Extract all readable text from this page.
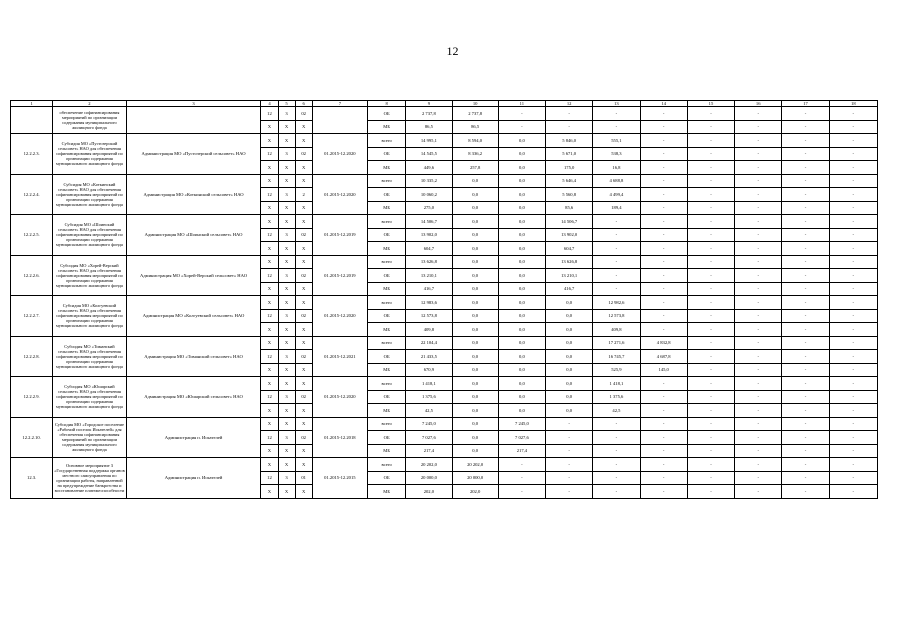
12
1	2	3	4	5	6	7	8	9	10	11	12	13	14	15	16	17	18
	обеспечение софинансирования мероприятий по организации содержания муниципального жилищного фонда		12	3	02		ОБ	2 737,8	2 737,8	-	-	-	-	-	-	-	-
			X	X	X		МБ	86,5	86,5	-	-	-	-	-	-	-	-
12.2.2.3.	Субсидия МО «Пустозерский сельсовет» НАО для обеспечения софинансирования мероприятий по организации содержания муниципального жилищного фонда	Администрация МО «Пустозерский сельсовет» НАО	X	X	X	01.2015-12.2020	всего	14 995,1	8 594,0	0,0	5 846,0	555,1	-	-	-	-	-
			12	3	02		ОБ	14 545,5	8 336,2	0,0	5 671,0	538,3	-	-	-	-	-
			X	X	X		МБ	449,6	257,8	0,0	175,0	16,8	-	-	-	-	-
12.2.2.4.	Субсидия МО «Коткинский сельсовет» НАО для обеспечения софинансирования мероприятий по организации содержания муниципального жилищного фонда	Администрация МО «Коткинский сельсовет» НАО	X	X	X	01.2015-12.2020	всего	10 335,2	0,0	0,0	5 646,4	4 688,8	-	-	-	-	-
			12	3	2		ОБ	10 060,2	0,0	0,0	5 560,8	4 499,4	-	-	-	-	-
			X	X	X		МБ	275,0	0,0	0,0	85,6	189,4	-	-	-	-	-
12.2.2.5.	Субсидия МО «Шоинский сельсовет» НАО для обеспечения софинансирования мероприятий по организации содержания муниципального жилищного фонда	Администрация МО «Шоинский сельсовет» НАО	X	X	X	01.2015-12.2019	всего	14 506,7	0,0	0,0	14 506,7	-	-	-	-	-	-
			12	3	02		ОБ	13 902,0	0,0	0,0	13 902,0	-	-	-	-	-	-
			X	X	X		МБ	604,7	0,0	0,0	604,7	-	-	-	-	-	-
12.2.2.6.	Субсидия МО «Хорей-Верский сельсовет» НАО для обеспечения софинансирования мероприятий по организации содержания муниципального жилищного фонда	Администрация МО «Хорей-Верский сельсовет» НАО	X	X	X	01.2015-12.2019	всего	13 626,8	0,0	0,0	13 626,8	-	-	-	-	-	-
			12	3	02		ОБ	13 210,1	0,0	0,0	13 210,1	-	-	-	-	-	-
			X	X	X		МБ	416,7	0,0	0,0	416,7	-	-	-	-	-	-
12.2.2.7.	Субсидия МО «Колгуевский сельсовет» НАО для обеспечения софинансирования мероприятий по организации содержания муниципального жилищного фонда	Администрация МО «Колгуевский сельсовет» НАО	X	X	X	01.2015-12.2020	всего	12 983,6	0,0	0,0	0,0	12 982,6	-	-	-	-	-
			12	3	02		ОБ	12 573,8	0,0	0,0	0,0	12 573,8	-	-	-	-	-
			X	X	X		МБ	409,8	0,0	0,0	0,0	409,8	-	-	-	-	-
12.2.2.8.	Субсидия МО «Тиманский сельсовет» НАО для обеспечения софинансирования мероприятий по организации содержания муниципального жилищного фонда	Администрация МО «Тиманский сельсовет» НАО	X	X	X	01.2015-12.2021	всего	22 104,4	0,0	0,0	0,0	17 271,6	4 832,8	-	-	-	-
			12	3	02		ОБ	21 433,5	0,0	0,0	0,0	16 745,7	4 687,8	-	-	-	-
			X	X	X		МБ	670,9	0,0	0,0	0,0	525,9	145,0	-	-	-	-
12.2.2.9.	Субсидия МО «Юшарский сельсовет» НАО для обеспечения софинансирования мероприятий по организации содержания муниципального жилищного фонда	Администрация МО «Юшарский сельсовет» НАО	X	X	X	01.2015-12.2020	всего	1 418,1	0,0	0,0	0,0	1 418,1	-	-	-	-	-
			12	3	02		ОБ	1 375,6	0,0	0,0	0,0	1 375,6	-	-	-	-	-
			X	X	X		МБ	42,5	0,0	0,0	0,0	42,5	-	-	-	-	-
12.2.2.10.	Субсидия МО «Городское поселение «Рабочий поселок Искателей» для обеспечения софинансирования мероприятий по организации содержания муниципального жилищного фонда	Администрация п. Искателей	X	X	X	01.2015-12.2018	всего	7 245,0	0,0	7 245,0	-	-	-	-	-	-	-
			12	3	02		ОБ	7 027,6	0,0	7 027,6	-	-	-	-	-	-	-
			X	X	X		МБ	217,4	0,0	217,4	-	-	-	-	-	-	-
12.3.	Основное мероприятие 3 «Государственная поддержка органов местного самоуправления по организации работы, направленной на предупреждение банкротства и восстановление платежеспособности	Администрация п. Искателей	X	X	X	01.2015-12.2015	всего	20 202,0	20 202,0	-	-	-	-	-	-	-	-
			12	3	01		ОБ	20 000,0	20 000,0	-	-	-	-	-	-	-	-
			X	X	X		МБ	202,0	202,0	-	-	-	-	-	-	-	-
